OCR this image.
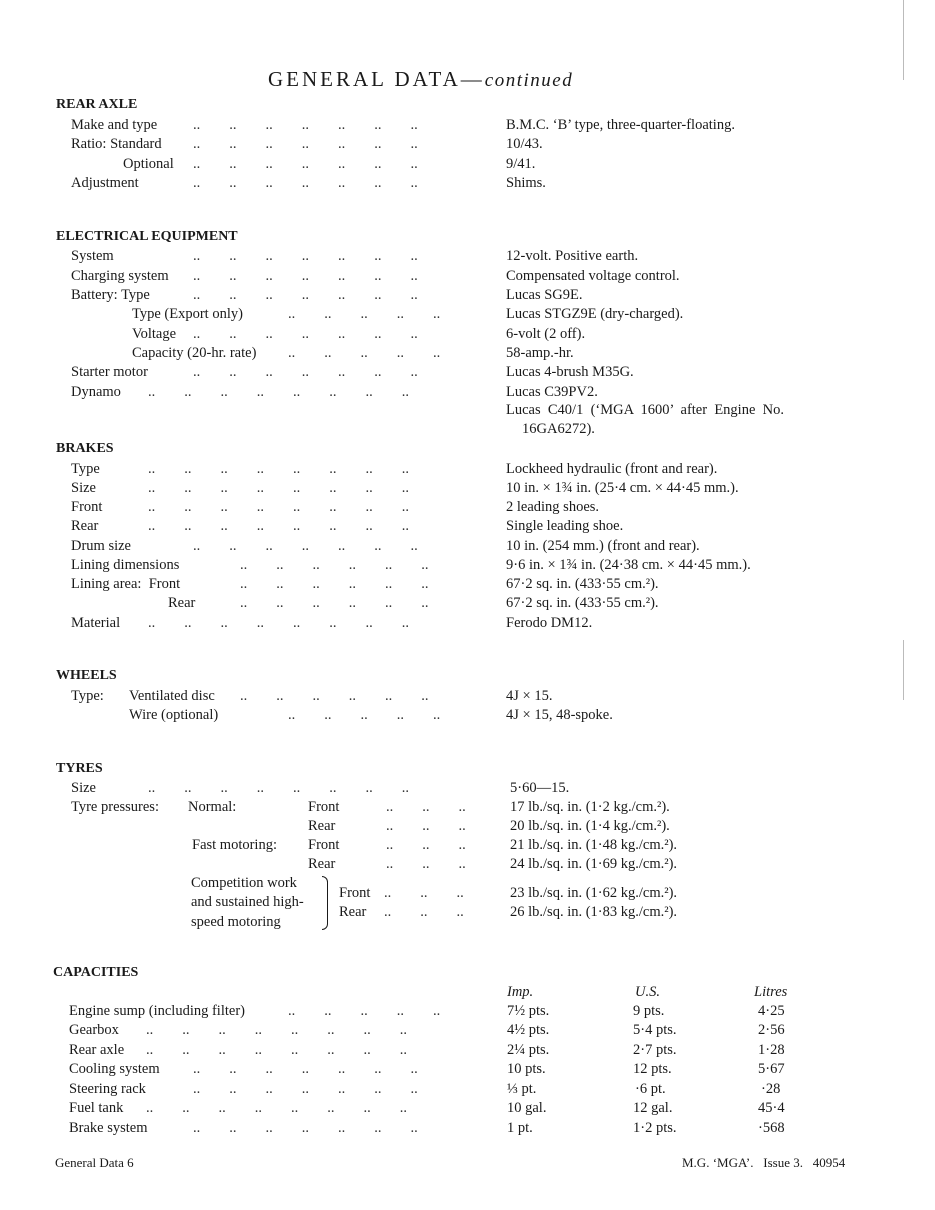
GENERAL DATA—continued
REAR AXLE
Make and type ..        ..        ..        ..        ..        ..        ..	B.M.C. ‘B’ type, three-quarter-floating.
Ratio: Standard ..        ..        ..        ..        ..        ..        ..	10/43.
Optional ..        ..        ..        ..        ..        ..        ..	9/41.
Adjustment	..        ..        ..        ..        ..        ..        ..	Shims.
ELECTRICAL EQUIPMENT
System	..        ..        ..        ..        ..        ..        ..	12-volt. Positive earth.
Charging system ..        ..        ..        ..        ..        ..        ..	Compensated voltage control.
Battery: Type	..        ..        ..        ..        ..        ..        ..	Lucas SG9E.
Type (Export only)	..        ..        ..        ..        ..	Lucas STGZ9E (dry-charged).
Voltage ..        ..        ..        ..        ..        ..        ..	6-volt (2 off).
Capacity (20-hr. rate) ..        ..        ..        ..        ..	58-amp.-hr.
Starter motor	..        ..        ..        ..        ..        ..        ..	Lucas 4-brush M35G.
Dynamo ..        ..        ..        ..        ..        ..        ..        ..	Lucas C39PV2.
Lucas  C40/1  (‘MGA  1600’  after  Engine  No.
16GA6272).
BRAKES
Type	..        ..        ..        ..        ..        ..        ..        ..	Lockheed hydraulic (front and rear).
Size	..        ..        ..        ..        ..        ..        ..        ..	10 in. × 1¾ in. (25·4 cm. × 44·45 mm.).
Front	..        ..        ..        ..        ..        ..        ..        ..	2 leading shoes.
Rear	..        ..        ..        ..        ..        ..        ..        ..	Single leading shoe.
Drum size	..        ..        ..        ..        ..        ..        ..	10 in. (254 mm.) (front and rear).
Lining dimensions	..        ..        ..        ..        ..        ..	9·6 in. × 1¾ in. (24·38 cm. × 44·45 mm.).
Lining area:  Front	..        ..        ..        ..        ..        ..	67·2 sq. in. (433·55 cm.²).
Rear	..        ..        ..        ..        ..        ..	67·2 sq. in. (433·55 cm.²).
Material ..        ..        ..        ..        ..        ..        ..        ..	Ferodo DM12.
WHEELS
Type: Ventilated disc ..        ..        ..        ..        ..        ..	4J × 15.
Wire (optional)	..        ..        ..        ..        ..	4J × 15, 48-spoke.
TYRES
Size	..        ..        ..        ..        ..        ..        ..        ..	5·60—15.
Tyre pressures: Normal:	Front	..        ..        ..	17 lb./sq. in. (1·2 kg./cm.²).
Rear	..        ..        ..	20 lb./sq. in. (1·4 kg./cm.²).
Fast motoring: Front	..        ..        ..	21 lb./sq. in. (1·48 kg./cm.²).
Rear	..        ..        ..	24 lb./sq. in. (1·69 kg./cm.²).
Competition work
and sustained high-
speed motoring
Front ..        ..        ..	23 lb./sq. in. (1·62 kg./cm.²).
Rear ..        ..        ..	26 lb./sq. in. (1·83 kg./cm.²).
CAPACITIES
Imp.	U.S.	Litres
Engine sump (including filter)	..        ..        ..        ..        ..	7½ pts.	9 pts.	4·25
Gearbox ..        ..        ..        ..        ..        ..        ..        ..	4½ pts.	5·4 pts.	2·56
Rear axle ..        ..        ..        ..        ..        ..        ..        ..	2¼ pts.	2·7 pts.	1·28
Cooling system ..        ..        ..        ..        ..        ..        ..	10 pts.	12 pts.	5·67
Steering rack	..        ..        ..        ..        ..        ..        ..	⅓ pt.	·6 pt.	·28
Fuel tank ..        ..        ..        ..        ..        ..        ..        ..	10 gal.	12 gal.	45·4
Brake system	..        ..        ..        ..        ..        ..        ..	1 pt.	1·2 pts.	·568
General Data 6	M.G. ‘MGA’.   Issue 3.   40954
